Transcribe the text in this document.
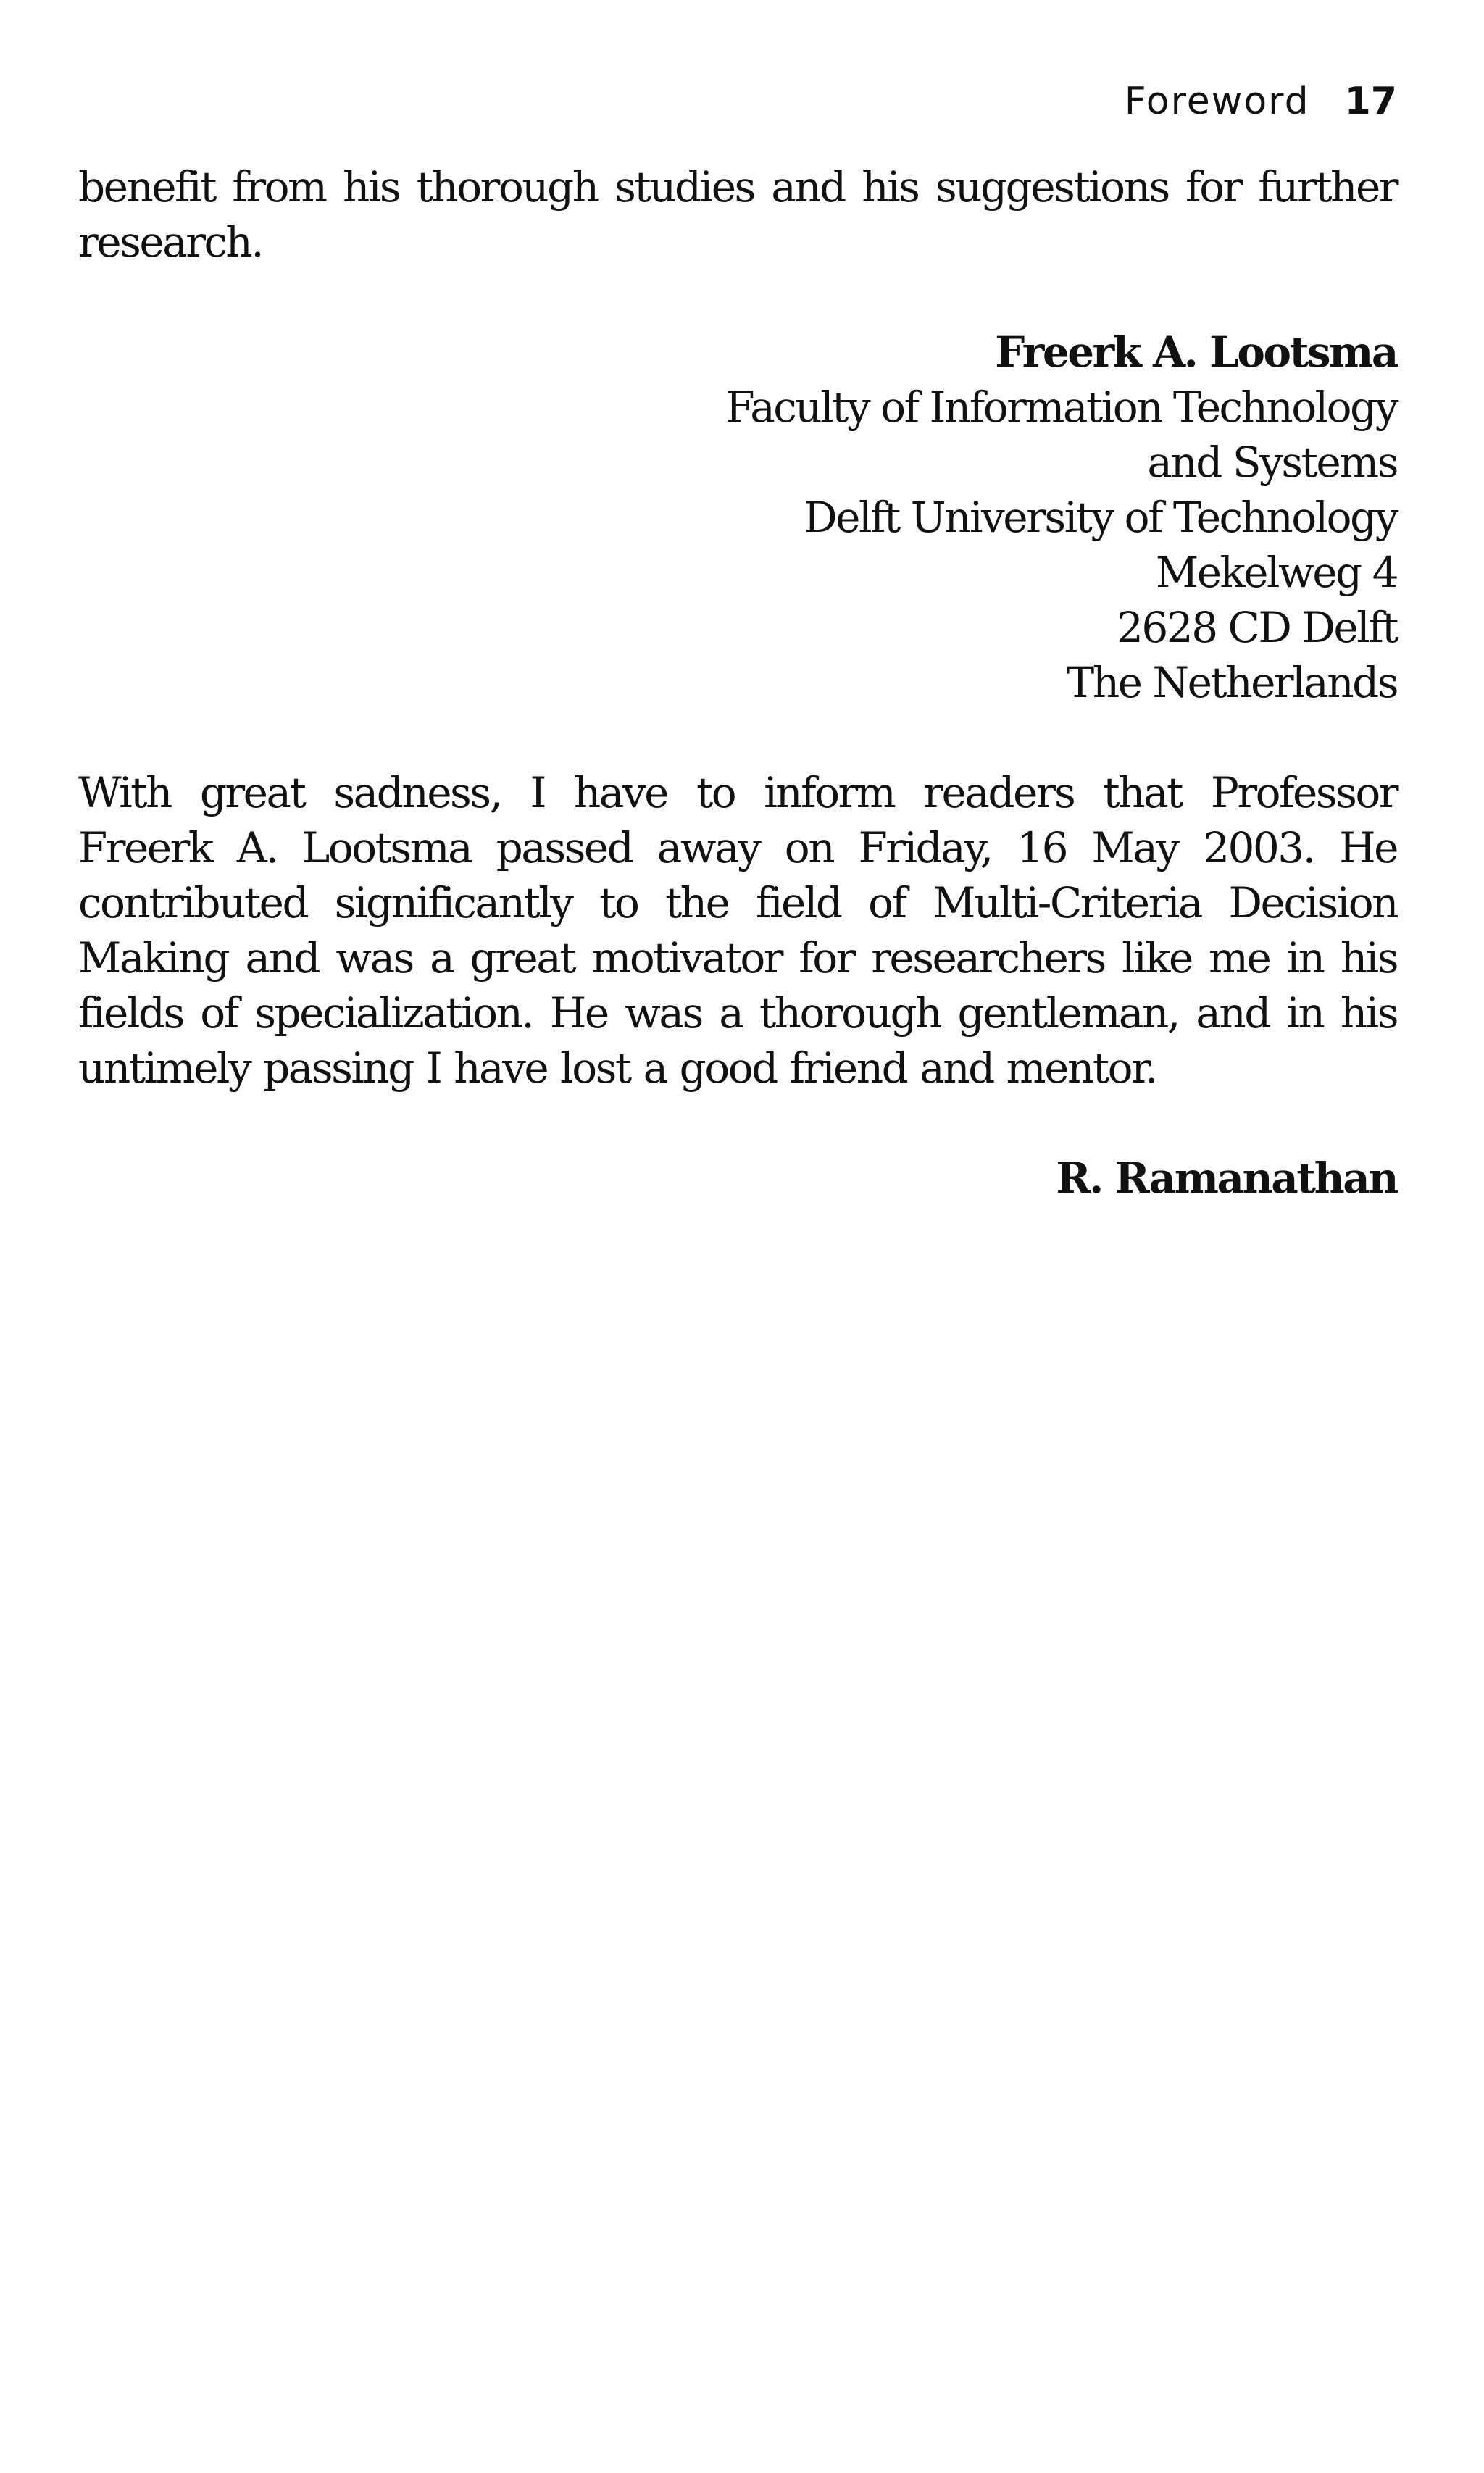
Foreword 17

benefit from his thorough studies and his suggestions for further research.

Freerk A. Lootsma
Faculty of Information Technology
and Systems
Delft University of Technology
Mekelweg 4
2628 CD Delft
The Netherlands

With great sadness, I have to inform readers that Professor Freerk A. Lootsma passed away on Friday, 16 May 2003. He contributed significantly to the field of Multi-Criteria Decision Making and was a great motivator for researchers like me in his fields of specialization. He was a thorough gentleman, and in his untimely passing I have lost a good friend and mentor.

R. Ramanathan
